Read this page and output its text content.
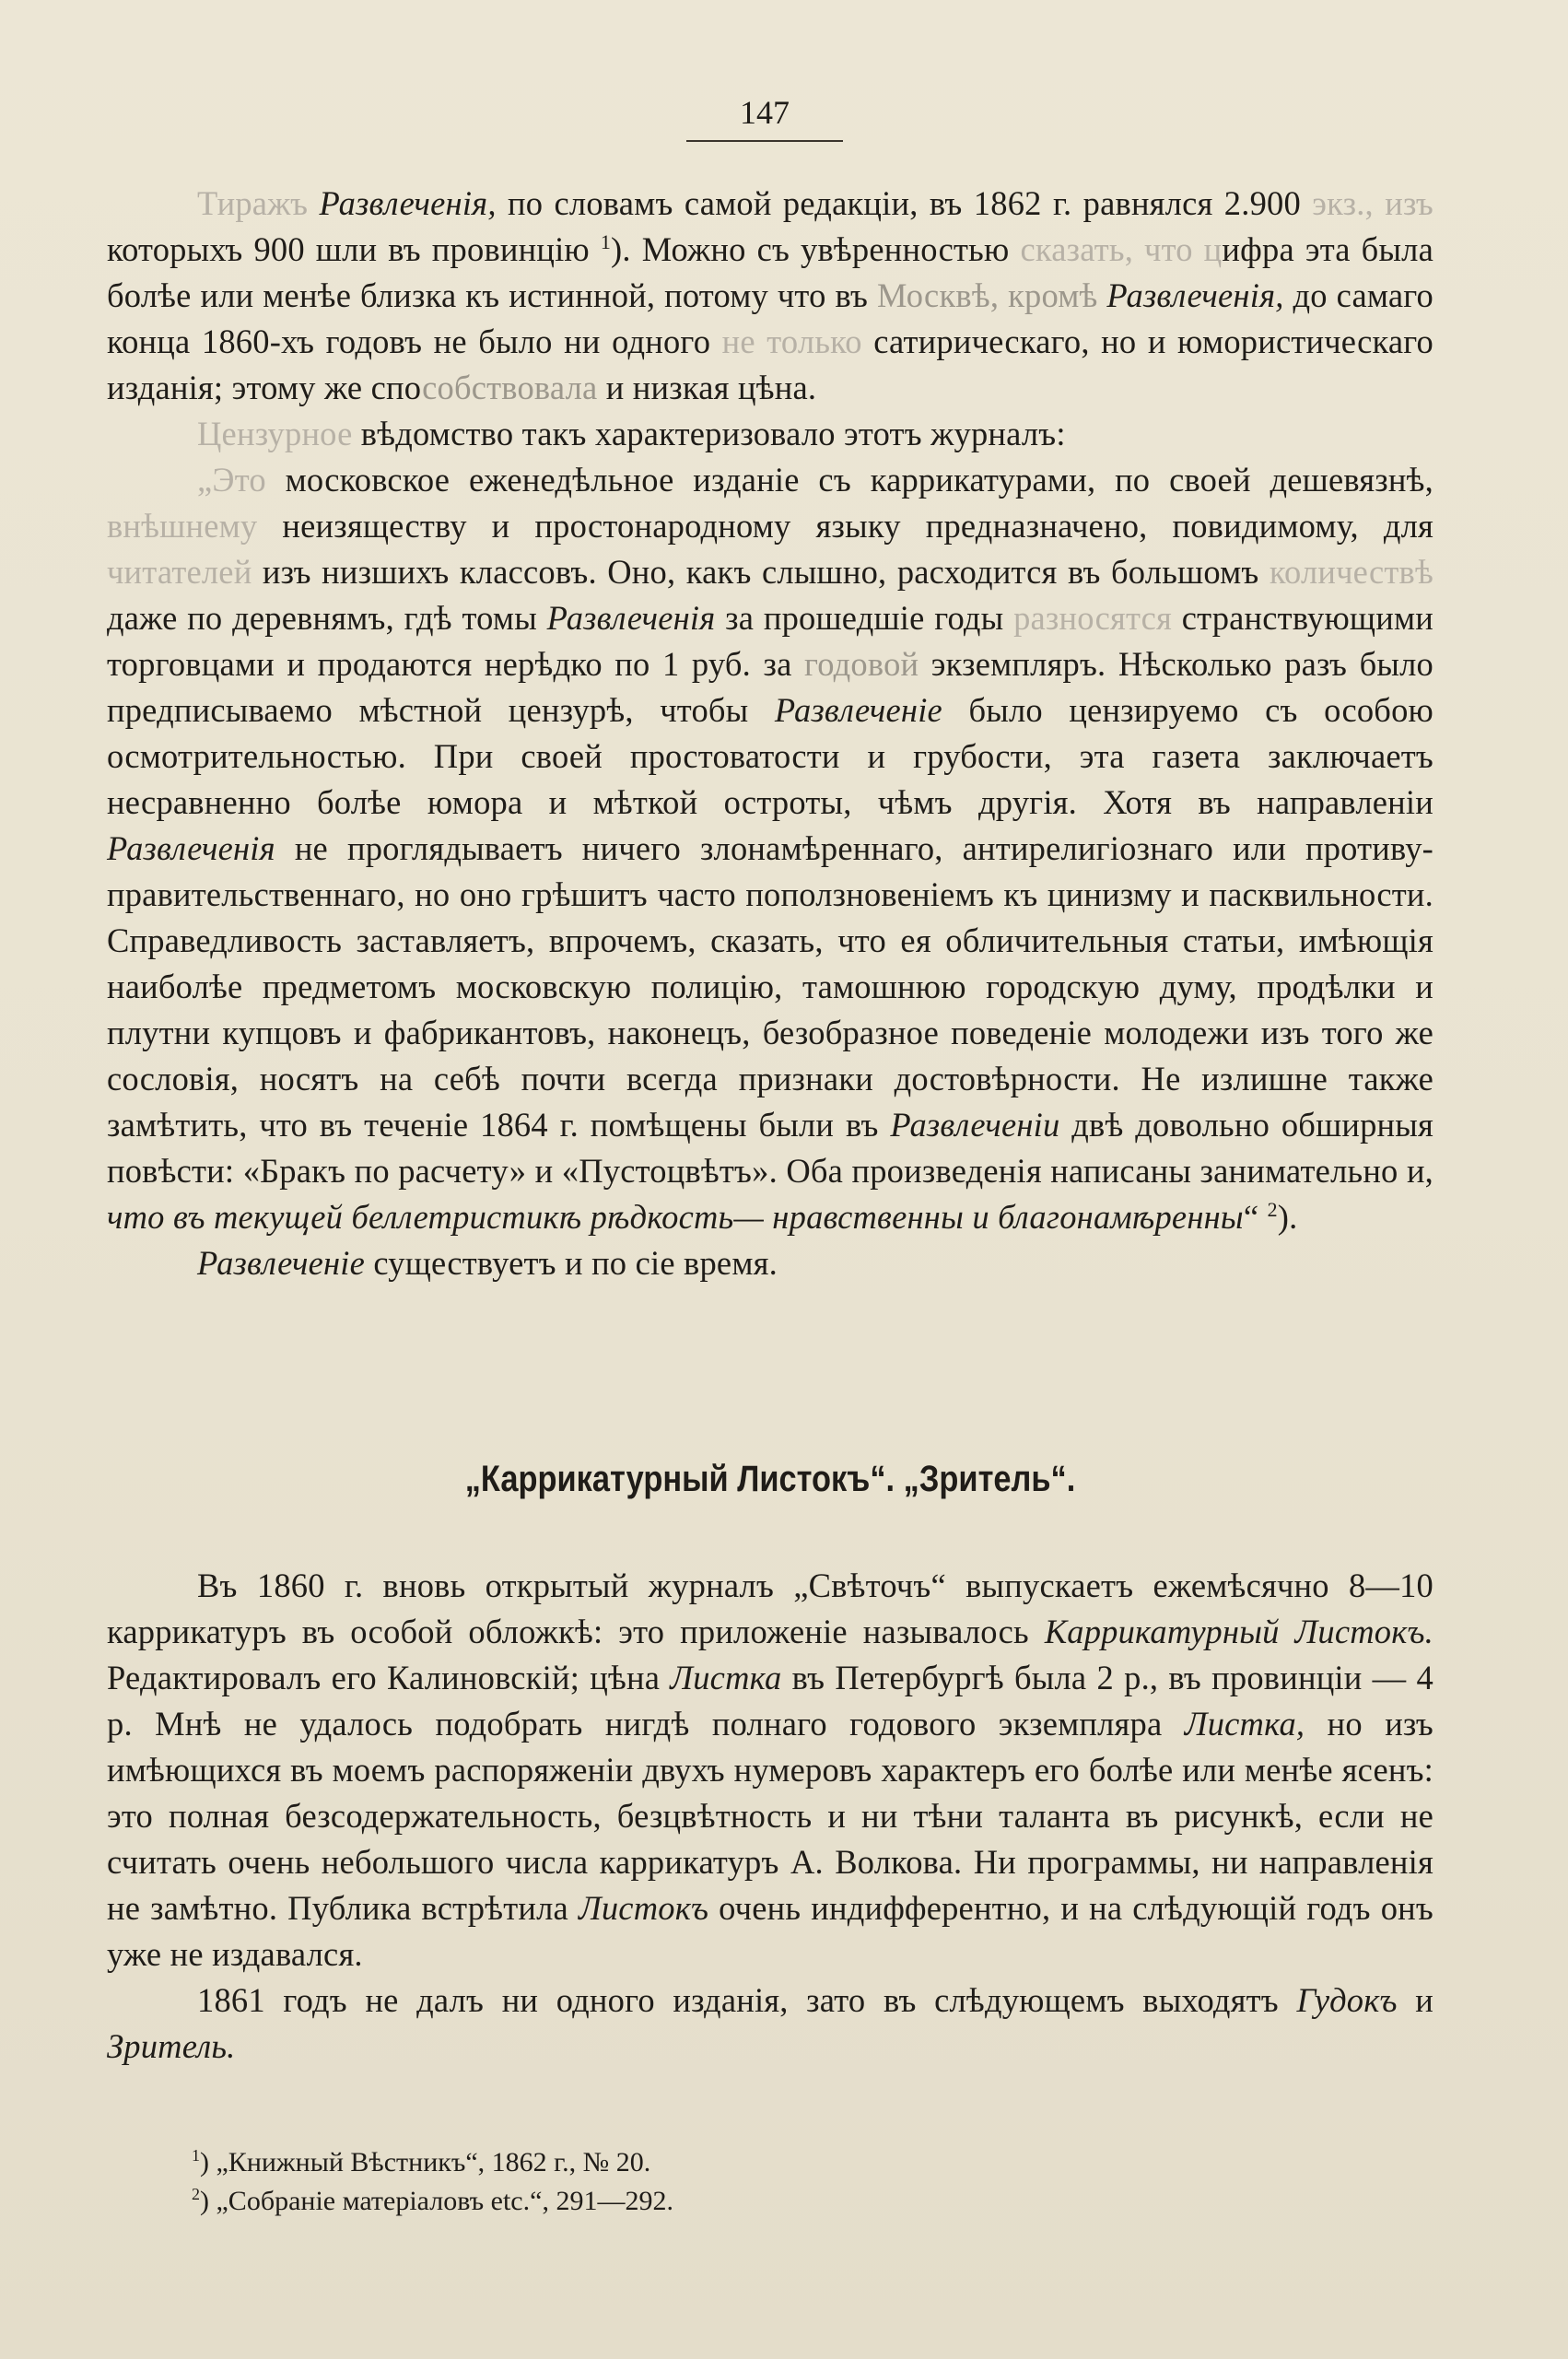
147

Тиражъ Развлеченія, по словамъ самой редакціи, въ 1862 г. равнялся 2.900 экз., изъ которыхъ 900 шли въ провинцію $^1$). Можно съ увѣренностью сказать, что цифра эта была болѣе или менѣе близка къ истинной, потому что въ Москвѣ, кромѣ Развлеченія, до самаго конца 1860-хъ годовъ не было ни одного не только сатирическаго, но и юмористическаго изданія; этому же способствовала и низкая цѣна.

Цензурное вѣдомство такъ характеризовало этотъ журналъ:

„Это московское еженедѣльное изданіе съ каррикатурами, по своей дешевязнѣ, внѣшнему неизяществу и простонародному языку предназначено, повидимому, для читателей изъ низшихъ классовъ. Оно, какъ слышно, расходится въ большомъ количествѣ даже по деревнямъ, гдѣ томы Развлеченія за прошедшіе годы разносятся странствующими торговцами и продаются нерѣдко по 1 руб. за годовой экземпляръ. Нѣсколько разъ было предписываемо мѣстной цензурѣ, чтобы Развлеченіе было цензируемо съ особою осмотрительностью. При своей простоватости и грубости, эта газета заключаетъ несравненно болѣе юмора и мѣткой остроты, чѣмъ другія. Хотя въ направленіи Развлеченія не проглядываетъ ничего злонамѣреннаго, антирелигіознаго или противу-правительственнаго, но оно грѣшитъ часто поползновеніемъ къ цинизму и пасквильности. Справедливость заставляетъ, впрочемъ, сказать, что ея обличительныя статьи, имѣющія наиболѣе предметомъ московскую полицію, тамошнюю городскую думу, продѣлки и плутни купцовъ и фабрикантовъ, наконецъ, безобразное поведеніе молодежи изъ того же сословія, носятъ на себѣ почти всегда признаки достовѣрности. Не излишне также замѣтить, что въ теченіе 1864 г. помѣщены были въ Развлеченіи двѣ довольно обширныя повѣсти: «Бракъ по расчету» и «Пустоцвѣтъ». Оба произведенія написаны занимательно и, что въ текущей беллетристикѣ рѣдкость— нравственны и благонамѣренны“ $^2$).

Развлеченіе существуетъ и по сіе время.

„Каррикатурный Листокъ“. „Зритель“.

Въ 1860 г. вновь открытый журналъ „Свѣточъ“ выпускаетъ ежемѣсячно 8—10 каррикатуръ въ особой обложкѣ: это приложеніе называлось Каррикатурный Листокъ. Редактировалъ его Калиновскій; цѣна Листка въ Петербургѣ была 2 р., въ провинціи — 4 р. Мнѣ не удалось подобрать нигдѣ полнаго годового экземпляра Листка, но изъ имѣющихся въ моемъ распоряженіи двухъ нумеровъ характеръ его болѣе или менѣе ясенъ: это полная безсодержательность, безцвѣтность и ни тѣни таланта въ рисункѣ, если не считать очень небольшого числа каррикатуръ А. Волкова. Ни программы, ни направленія не замѣтно. Публика встрѣтила Листокъ очень индифферентно, и на слѣдующій годъ онъ уже не издавался.

1861 годъ не далъ ни одного изданія, зато въ слѣдующемъ выходятъ Гудокъ и Зритель.

$^1$) „Книжный Вѣстникъ“, 1862 г., № 20.
$^2$) „Собраніе матеріаловъ etc.“, 291—292.
